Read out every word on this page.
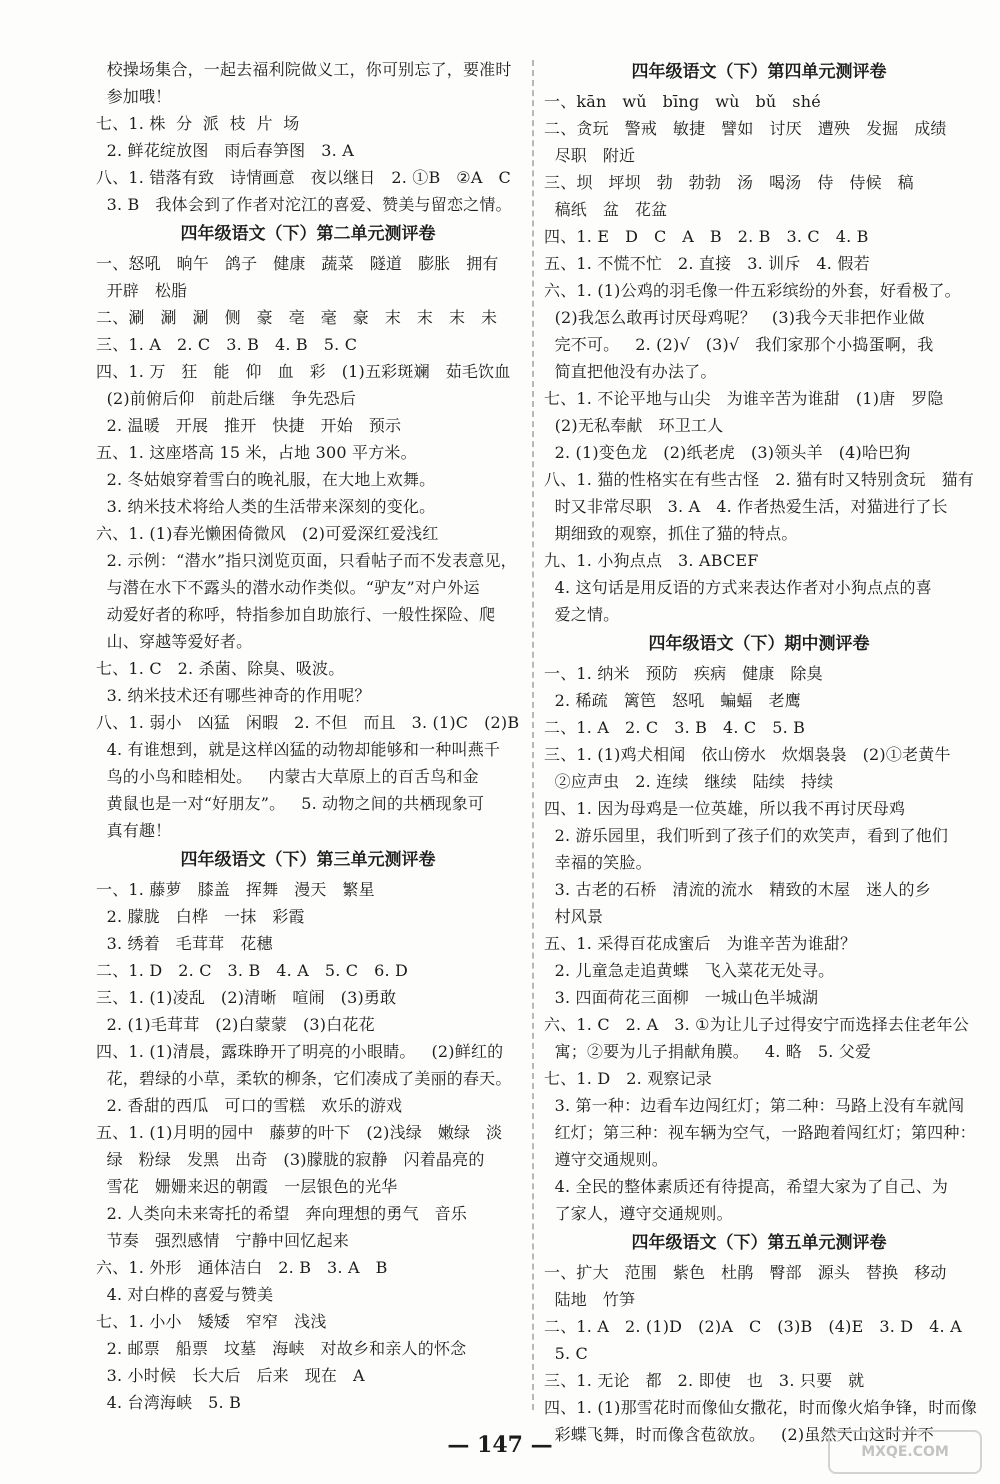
校操场集合，一起去福利院做义工，你可别忘了，要准时
参加哦！
七、1. 株  分  派  枝  片  场
2. 鲜花绽放图   雨后春笋图   3. A
八、1. 错落有致   诗情画意   夜以继日   2. ①B   ②A   C
3. B   我体会到了作者对沱江的喜爱、赞美与留恋之情。
四年级语文（下）第二单元测评卷
一、怒吼   晌午   鸽子   健康   蔬菜   隧道   膨胀   拥有
开辟   松脂
二、涮   涮   涮   侧   豪   亳   毫   豪   末   末   末   未
三、1. A   2. C   3. B   4. B   5. C
四、1. 万   狂   能   仰   血   彩   (1)五彩斑斓   茹毛饮血
(2)前俯后仰   前赴后继   争先恐后
2. 温暖   开展   推开   快捷   开始   预示
五、1. 这座塔高 15 米，占地 300 平方米。
2. 冬姑娘穿着雪白的晚礼服，在大地上欢舞。
3. 纳米技术将给人类的生活带来深刻的变化。
六、1. (1)春光懒困倚微风   (2)可爱深红爱浅红
2. 示例：“潜水”指只浏览页面，只看帖子而不发表意见，
与潜在水下不露头的潜水动作类似。“驴友”对户外运
动爱好者的称呼，特指参加自助旅行、一般性探险、爬
山、穿越等爱好者。
七、1. C   2. 杀菌、除臭、吸波。
3. 纳米技术还有哪些神奇的作用呢？
八、1. 弱小   凶猛   闲暇   2. 不但   而且   3. (1)C   (2)B
4. 有谁想到，就是这样凶猛的动物却能够和一种叫燕千
鸟的小鸟和睦相处。   内蒙古大草原上的百舌鸟和金
黄鼠也是一对“好朋友”。   5. 动物之间的共栖现象可
真有趣！
四年级语文（下）第三单元测评卷
一、1. 藤萝   膝盖   挥舞   漫天   繁星
2. 朦胧   白桦   一抹   彩霞
3. 绣着   毛茸茸   花穗
二、1. D   2. C   3. B   4. A   5. C   6. D
三、1. (1)凌乱   (2)清晰   喧闹   (3)勇敢
2. (1)毛茸茸   (2)白蒙蒙   (3)白花花
四、1. (1)清晨，露珠睁开了明亮的小眼睛。   (2)鲜红的
花，碧绿的小草，柔软的柳条，它们凑成了美丽的春天。
2. 香甜的西瓜   可口的雪糕   欢乐的游戏
五、1. (1)月明的园中   藤萝的叶下   (2)浅绿   嫩绿   淡
绿   粉绿   发黑   出奇   (3)朦胧的寂静   闪着晶亮的
雪花   姗姗来迟的朝霞   一层银色的光华
2. 人类向未来寄托的希望   奔向理想的勇气   音乐
节奏   强烈感情   宁静中回忆起来
六、1. 外形   通体洁白   2. B   3. A   B
4. 对白桦的喜爱与赞美
七、1. 小小   矮矮   窄窄   浅浅
2. 邮票   船票   坟墓   海峡   对故乡和亲人的怀念
3. 小时候   长大后   后来   现在   A
4. 台湾海峡   5. B
四年级语文（下）第四单元测评卷
一、kān   wǔ   bīng   wù   bǔ   shé
二、贪玩   警戒   敏捷   譬如   讨厌   遭殃   发掘   成绩
尽职   附近
三、坝   坪坝   勃   勃勃   汤   喝汤   侍   侍候   稿
稿纸   盆   花盆
四、1. E   D   C   A   B   2. B   3. C   4. B
五、1. 不慌不忙   2. 直接   3. 训斥   4. 假若
六、1. (1)公鸡的羽毛像一件五彩缤纷的外套，好看极了。
(2)我怎么敢再讨厌母鸡呢？   (3)我今天非把作业做
完不可。   2. (2)√   (3)√   我们家那个小捣蛋啊，我
简直把他没有办法了。
七、1. 不论平地与山尖   为谁辛苦为谁甜   (1)唐   罗隐
(2)无私奉献   环卫工人
2. (1)变色龙   (2)纸老虎   (3)领头羊   (4)哈巴狗
八、1. 猫的性格实在有些古怪   2. 猫有时又特别贪玩   猫有
时又非常尽职   3. A   4. 作者热爱生活，对猫进行了长
期细致的观察，抓住了猫的特点。
九、1. 小狗点点   3. ABCEF
4. 这句话是用反语的方式来表达作者对小狗点点的喜
爱之情。
四年级语文（下）期中测评卷
一、1. 纳米   预防   疾病   健康   除臭
2. 稀疏   篱笆   怒吼   蝙蝠   老鹰
二、1. A   2. C   3. B   4. C   5. B
三、1. (1)鸡犬相闻   依山傍水   炊烟袅袅   (2)①老黄牛
②应声虫   2. 连续   继续   陆续   持续
四、1. 因为母鸡是一位英雄，所以我不再讨厌母鸡
2. 游乐园里，我们听到了孩子们的欢笑声，看到了他们
幸福的笑脸。
3. 古老的石桥   清流的流水   精致的木屋   迷人的乡
村风景
五、1. 采得百花成蜜后   为谁辛苦为谁甜？
2. 儿童急走追黄蝶   飞入菜花无处寻。
3. 四面荷花三面柳   一城山色半城湖
六、1. C   2. A   3. ①为让儿子过得安宁而选择去住老年公
寓；②要为儿子捐献角膜。   4. 略   5. 父爱
七、1. D   2. 观察记录
3. 第一种：边看车边闯红灯；第二种：马路上没有车就闯
红灯；第三种：视车辆为空气，一路跑着闯红灯；第四种：
遵守交通规则。
4. 全民的整体素质还有待提高，希望大家为了自己、为
了家人，遵守交通规则。
四年级语文（下）第五单元测评卷
一、扩大   范围   紫色   杜鹃   臀部   源头   替换   移动
陆地   竹笋
二、1. A   2. (1)D   (2)A   C   (3)B   (4)E   3. D   4. A
5. C
三、1. 无论   都   2. 即使   也   3. 只要   就
四、1. (1)那雪花时而像仙女撒花，时而像火焰争锋，时而像
彩蝶飞舞，时而像含苞欲放。   (2)虽然天山这时并不
— 147 —	MXQE.COM
